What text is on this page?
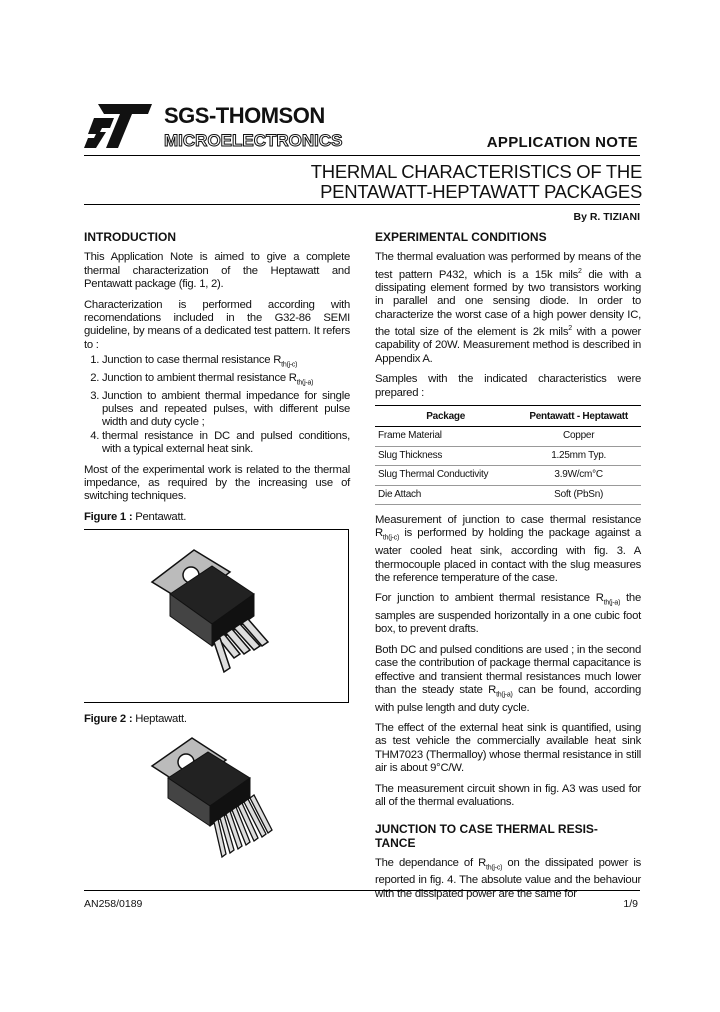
SGS-THOMSON
MICROELECTRONICS	APPLICATION NOTE
THERMAL CHARACTERISTICS OF THE
PENTAWATT-HEPTAWATT PACKAGES
By R. TIZIANI
INTRODUCTION

This Application Note is aimed to give a complete thermal characterization of the Heptawatt and Pentawatt package (fig. 1, 2).

Characterization is performed according with recomendations included in the G32-86 SEMI guideline, by means of a dedicated test pattern. It refers to :

1. Junction to case thermal resistance $R_{th(j-c)}$
2. Junction to ambient thermal resistance $R_{th(j-a)}$
3. Junction to ambient thermal impedance for single pulses and repeated pulses, with different pulse width and duty cycle ;
4. thermal resistance in DC and pulsed conditions, with a typical external heat sink.

Most of the experimental work is related to the thermal impedance, as required by the increasing use of switching techniques.

Figure 1 : Pentawatt.
Figure 2 : Heptawatt.
EXPERIMENTAL CONDITIONS

The thermal evaluation was performed by means of the test pattern P432, which is a 15k mils$^2$ die with a dissipating element formed by two transistors working in parallel and one sensing diode. In order to characterize the worst case of a high power density IC, the total size of the element is 2k mils$^2$ with a power capability of 20W. Measurement method is described in Appendix A.

Samples with the indicated characteristics were prepared :

Package	Pentawatt - Heptawatt
Frame Material	Copper
Slug Thickness	1.25mm Typ.
Slug Thermal Conductivity	3.9W/cm°C
Die Attach	Soft (PbSn)

Measurement of junction to case thermal resistance $R_{th(j-c)}$ is performed by holding the package against a water cooled heat sink, according with fig. 3. A thermocouple placed in contact with the slug measures the reference temperature of the case.

For junction to ambient thermal resistance $R_{th(j-a)}$ the samples are suspended horizontally in a one cubic foot box, to prevent drafts.

Both DC and pulsed conditions are used ; in the second case the contribution of package thermal capacitance is effective and transient thermal resistances much lower than the steady state $R_{th(j-a)}$ can be found, according with pulse length and duty cycle.

The effect of the external heat sink is quantified, using as test vehicle the commercially available heat sink THM7023 (Thermalloy) whose thermal resistance in still air is about 9°C/W.

The measurement circuit shown in fig. A3 was used for all of the thermal evaluations.

JUNCTION TO CASE THERMAL RESIS-
TANCE

The dependance of $R_{th(j-c)}$ on the dissipated power is reported in fig. 4. The absolute value and the behaviour with the dissipated power are the same for

AN258/0189	1/9
